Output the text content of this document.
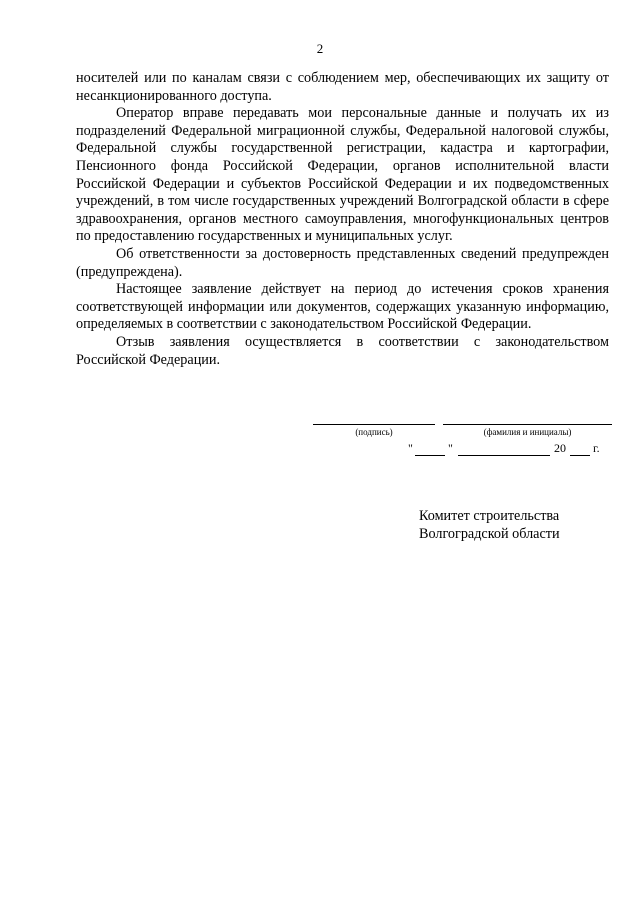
2

носителей или по каналам связи с соблюдением мер, обеспечивающих их защиту от несанкционированного доступа.

Оператор вправе передавать мои персональные данные и получать их из подразделений Федеральной миграционной службы, Федеральной налоговой службы, Федеральной службы государственной регистрации, кадастра и картографии, Пенсионного фонда Российской Федерации, органов исполнительной власти Российской Федерации и субъектов Российской Федерации и их подведомственных учреждений, в том числе государственных учреждений Волгоградской области в сфере здравоохранения, органов местного самоуправления, многофункциональных центров по предоставлению государственных и муниципальных услуг.

Об ответственности за достоверность представленных сведений предупрежден (предупреждена).

Настоящее заявление действует на период до истечения сроков хранения соответствующей информации или документов, содержащих указанную информацию, определяемых в соответствии с законодательством Российской Федерации.

Отзыв заявления осуществляется в соответствии с законодательством Российской Федерации.

(подпись)	(фамилия и инициалы)
"	"	20 г.
Комитет строительства
Волгоградской области
